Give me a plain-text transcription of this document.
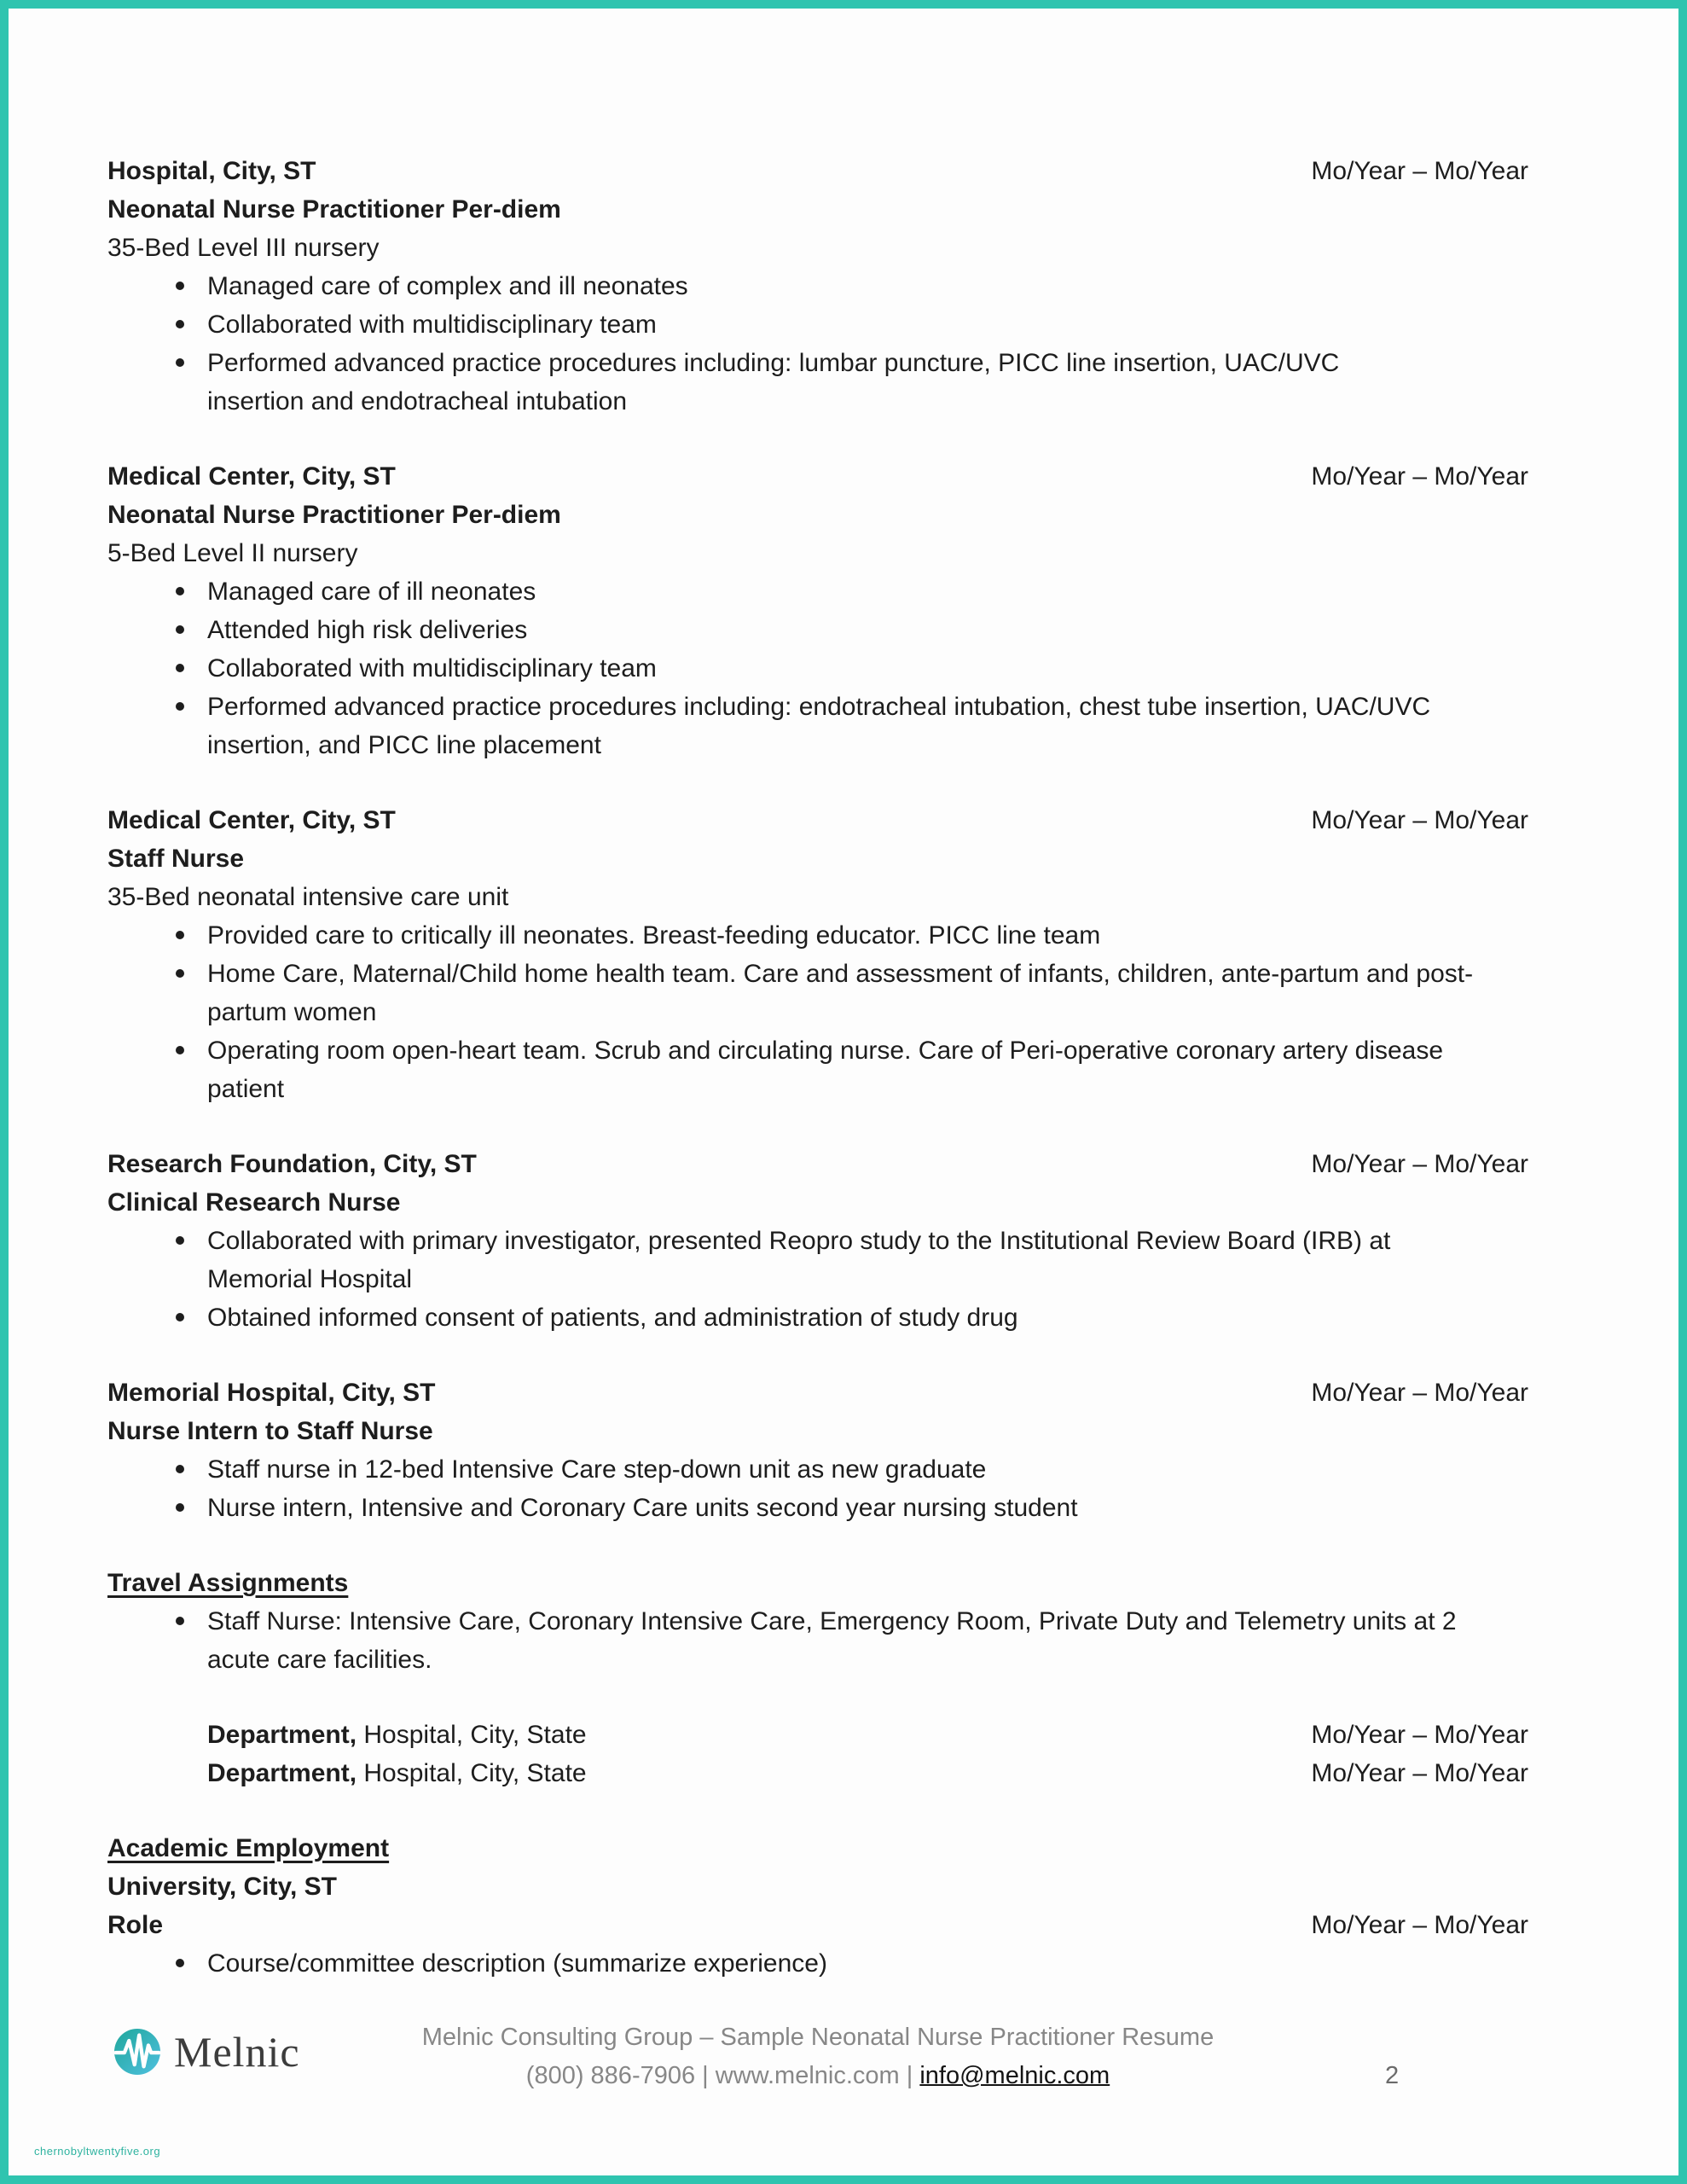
Hospital, City, ST	Mo/Year – Mo/Year
Neonatal Nurse Practitioner Per-diem
35-Bed Level III nursery
Managed care of complex and ill neonates
Collaborated with multidisciplinary team
Performed advanced practice procedures including: lumbar puncture, PICC line insertion, UAC/UVC
insertion and endotracheal intubation
Medical Center, City, ST	Mo/Year – Mo/Year
Neonatal Nurse Practitioner Per-diem
5-Bed Level II nursery
Managed care of ill neonates
Attended high risk deliveries
Collaborated with multidisciplinary team
Performed advanced practice procedures including: endotracheal intubation, chest tube insertion, UAC/UVC
insertion, and PICC line placement
Medical Center, City, ST	Mo/Year – Mo/Year
Staff Nurse
35-Bed neonatal intensive care unit
Provided care to critically ill neonates. Breast-feeding educator. PICC line team
Home Care, Maternal/Child home health team. Care and assessment of infants, children, ante-partum and post-
partum women
Operating room open-heart team. Scrub and circulating nurse. Care of Peri-operative coronary artery disease
patient
Research Foundation, City, ST	Mo/Year – Mo/Year
Clinical Research Nurse
Collaborated with primary investigator, presented Reopro study to the Institutional Review Board (IRB) at
Memorial Hospital
Obtained informed consent of patients, and administration of study drug
Memorial Hospital, City, ST	Mo/Year – Mo/Year
Nurse Intern to Staff Nurse
Staff nurse in 12-bed Intensive Care step-down unit as new graduate
Nurse intern, Intensive and Coronary Care units second year nursing student
Travel Assignments
Staff Nurse: Intensive Care, Coronary Intensive Care, Emergency Room, Private Duty and Telemetry units at 2
acute care facilities.
Department, Hospital, City, State	Mo/Year – Mo/Year
Department, Hospital, City, State	Mo/Year – Mo/Year
Academic Employment
University, City, ST
Role	Mo/Year – Mo/Year
Course/committee description (summarize experience)
Melnic	Melnic Consulting Group – Sample Neonatal Nurse Practitioner Resume
(800) 886-7906 | www.melnic.com | info@melnic.com	2
chernobyltwentyfive.org
